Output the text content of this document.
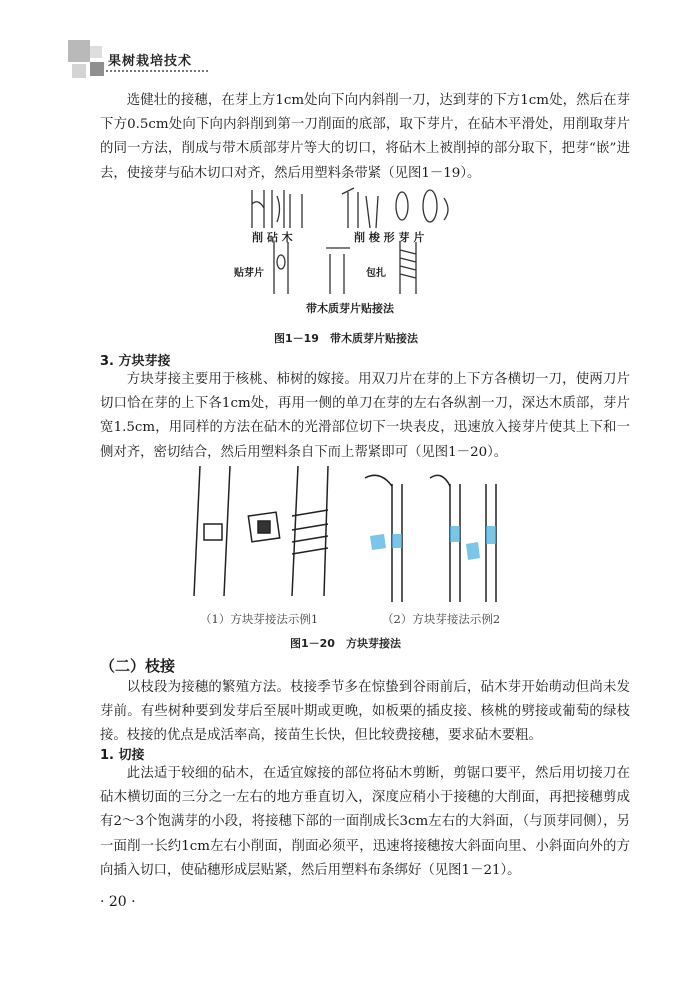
果树栽培技术

选健壮的接穗，在芽上方1cm处向下向内斜削一刀，达到芽的下方1cm处，然后在芽下方0.5cm处向下向内斜削到第一刀削面的底部，取下芽片，在砧木平滑处，用削取芽片的同一方法，削成与带木质部芽片等大的切口，将砧木上被削掉的部分取下，把芽“嵌”进去，使接芽与砧木切口对齐，然后用塑料条带紧（见图1－19）。

削 砧 木	削 梭 形 芽 片
贴芽片	包扎
带木质芽片贴接法
图1－19　带木质芽片贴接法
3. 方块芽接

方块芽接主要用于核桃、柿树的嫁接。用双刀片在芽的上下方各横切一刀，使两刀片切口恰在芽的上下各1cm处，再用一侧的单刀在芽的左右各纵割一刀，深达木质部，芽片宽1.5cm，用同样的方法在砧木的光滑部位切下一块表皮，迅速放入接芽片使其上下和一侧对齐，密切结合，然后用塑料条自下而上帮紧即可（见图1－20）。

（1）方块芽接法示例1	（2）方块芽接法示例2
图1－20　方块芽接法
（二）枝接

以枝段为接穗的繁殖方法。枝接季节多在惊蛰到谷雨前后，砧木芽开始萌动但尚未发芽前。有些树种要到发芽后至展叶期或更晚，如板栗的插皮接、核桃的劈接或葡萄的绿枝接。枝接的优点是成活率高，接苗生长快，但比较费接穗，要求砧木要粗。

1. 切接

此法适于较细的砧木，在适宜嫁接的部位将砧木剪断，剪锯口要平，然后用切接刀在砧木横切面的三分之一左右的地方垂直切入，深度应稍小于接穗的大削面，再把接穗剪成有2～3个饱满芽的小段，将接穗下部的一面削成长3cm左右的大斜面，（与顶芽同侧），另一面削一长约1cm左右小削面，削面必须平，迅速将接穗按大斜面向里、小斜面向外的方向插入切口，使砧穗形成层贴紧，然后用塑料布条绑好（见图1－21）。

· 20 ·
